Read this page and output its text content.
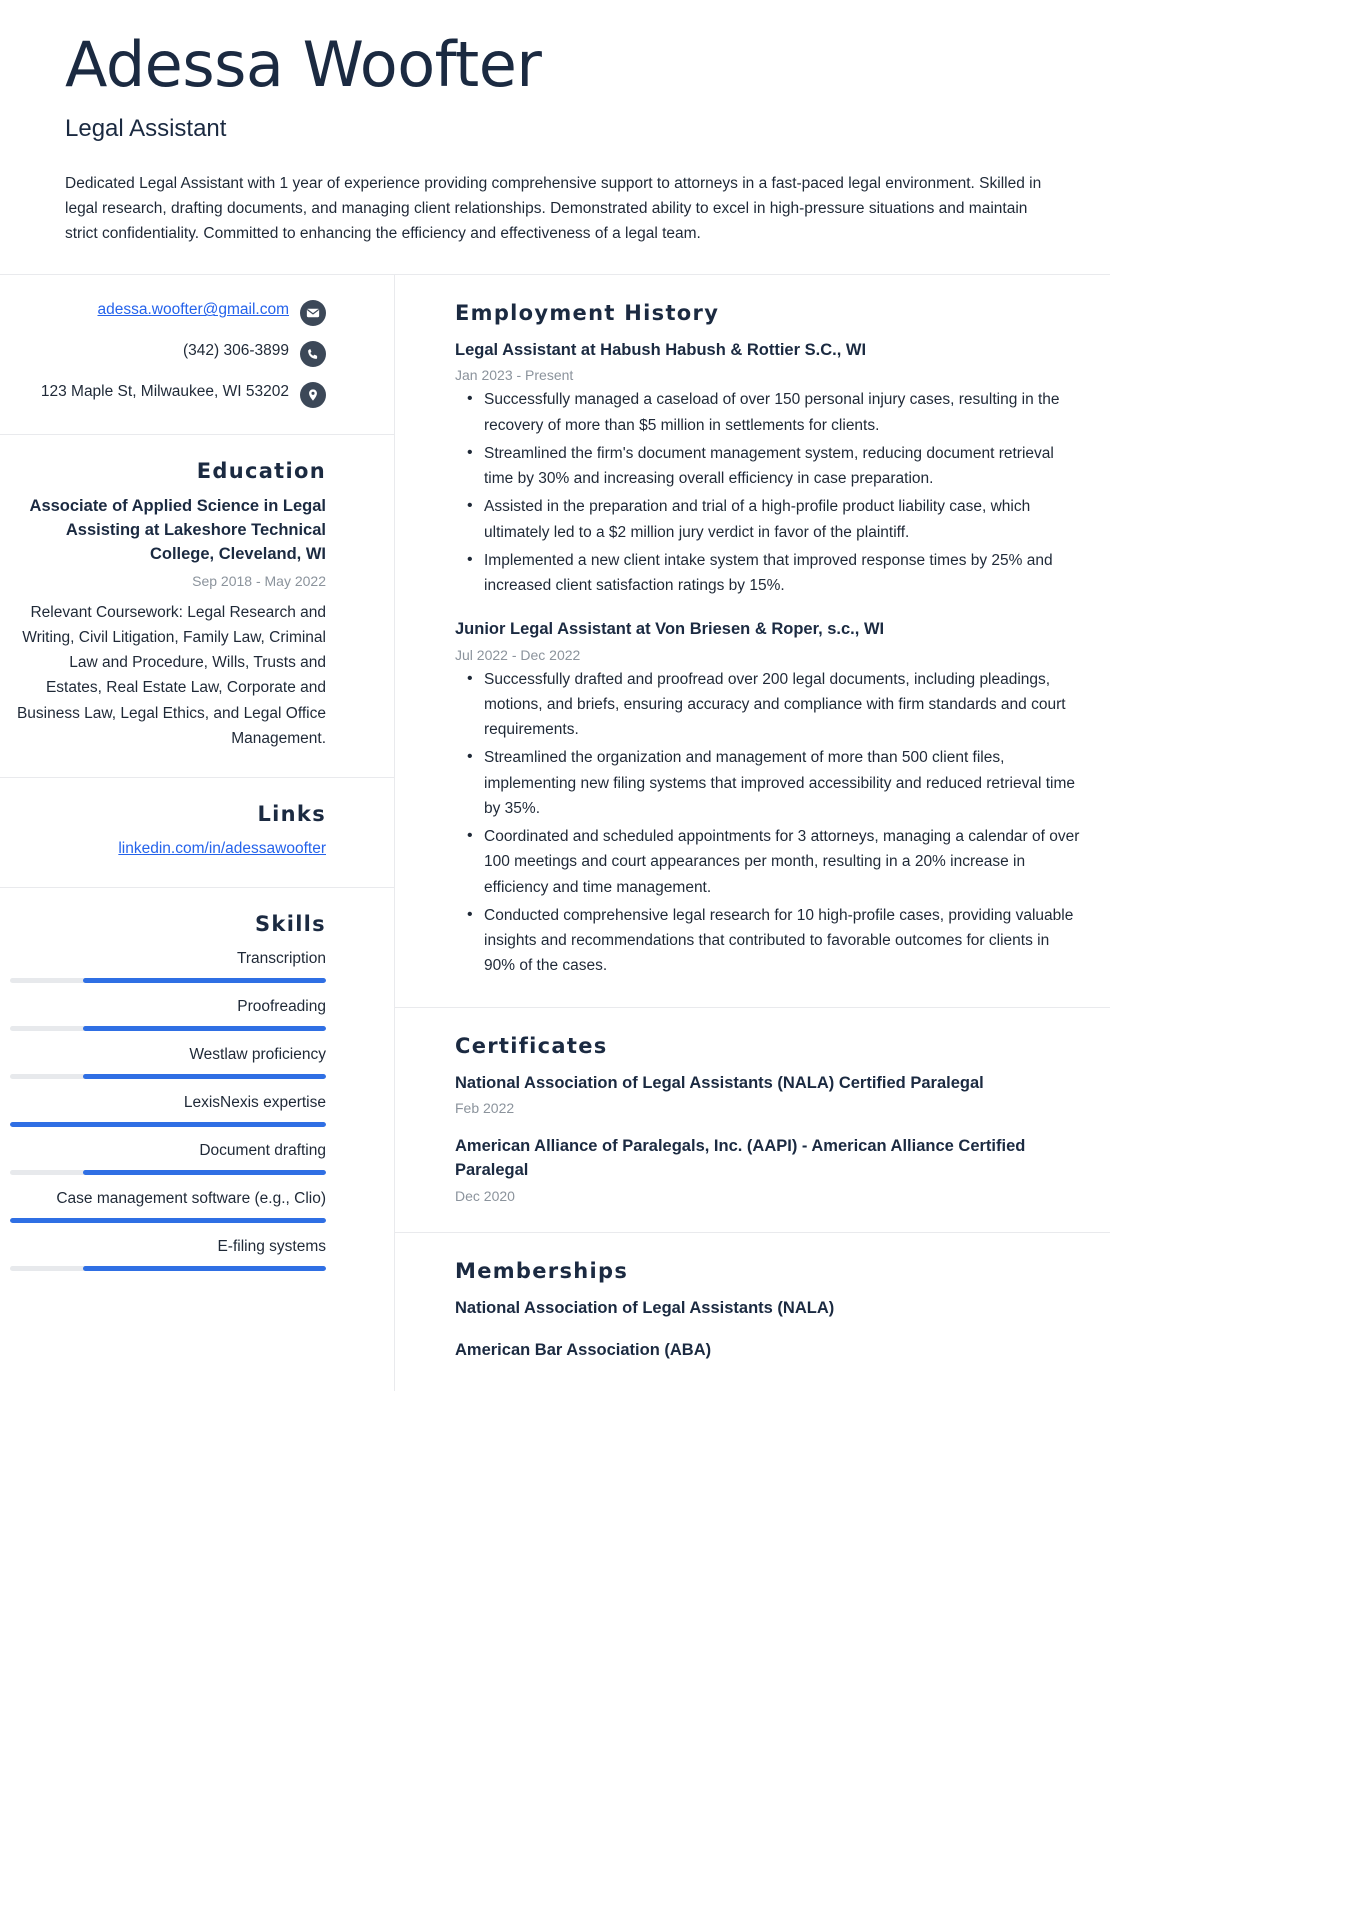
Adessa Woofter
Legal Assistant

Dedicated Legal Assistant with 1 year of experience providing comprehensive support to attorneys in a fast-paced legal environment. Skilled in legal research, drafting documents, and managing client relationships. Demonstrated ability to excel in high-pressure situations and maintain strict confidentiality. Committed to enhancing the efficiency and effectiveness of a legal team.

adessa.woofter@gmail.com
(342) 306-3899
123 Maple St, Milwaukee, WI 53202
Education
Associate of Applied Science in Legal Assisting at Lakeshore Technical College, Cleveland, WI
Sep 2018 - May 2022
Relevant Coursework: Legal Research and Writing, Civil Litigation, Family Law, Criminal Law and Procedure, Wills, Trusts and Estates, Real Estate Law, Corporate and Business Law, Legal Ethics, and Legal Office Management.
Links
linkedin.com/in/adessawoofter
Skills
Transcription
Proofreading
Westlaw proficiency
LexisNexis expertise
Document drafting
Case management software (e.g., Clio)
E-filing systems
Employment History
Legal Assistant at Habush Habush & Rottier S.C., WI
Jan 2023 - Present
• Successfully managed a caseload of over 150 personal injury cases, resulting in the recovery of more than $5 million in settlements for clients.
• Streamlined the firm's document management system, reducing document retrieval time by 30% and increasing overall efficiency in case preparation.
• Assisted in the preparation and trial of a high-profile product liability case, which ultimately led to a $2 million jury verdict in favor of the plaintiff.
• Implemented a new client intake system that improved response times by 25% and increased client satisfaction ratings by 15%.
Junior Legal Assistant at Von Briesen & Roper, s.c., WI
Jul 2022 - Dec 2022
• Successfully drafted and proofread over 200 legal documents, including pleadings, motions, and briefs, ensuring accuracy and compliance with firm standards and court requirements.
• Streamlined the organization and management of more than 500 client files, implementing new filing systems that improved accessibility and reduced retrieval time by 35%.
• Coordinated and scheduled appointments for 3 attorneys, managing a calendar of over 100 meetings and court appearances per month, resulting in a 20% increase in efficiency and time management.
• Conducted comprehensive legal research for 10 high-profile cases, providing valuable insights and recommendations that contributed to favorable outcomes for clients in 90% of the cases.
Certificates
National Association of Legal Assistants (NALA) Certified Paralegal
Feb 2022
American Alliance of Paralegals, Inc. (AAPI) - American Alliance Certified Paralegal
Dec 2020
Memberships
National Association of Legal Assistants (NALA)
American Bar Association (ABA)
